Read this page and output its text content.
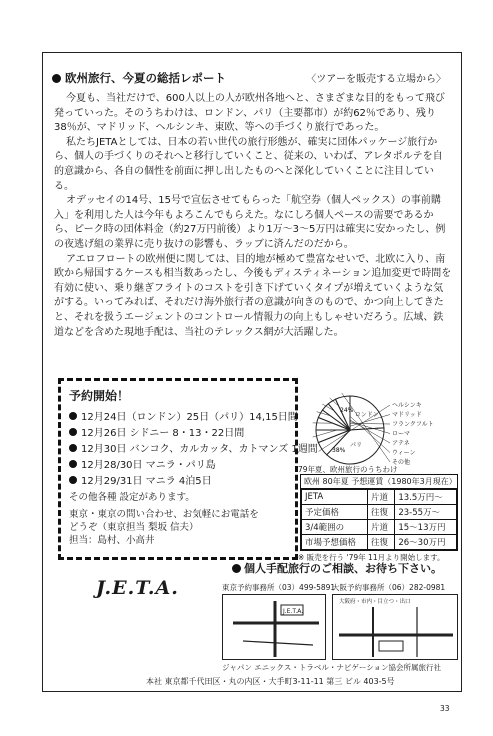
欧州旅行、今夏の総括レポート	〈ツアーを販売する立場から〉

今夏も、当社だけで、600人以上の人が欧州各地へと、さまざまな目的をもって飛び発っていった。そのうちわけは、ロンドン、パリ（主要都市）が約62％であり、残り38％が、マドリッド、ヘルシンキ、東欧、等への手づくり旅行であった。

私たちJETAとしては、日本の若い世代の旅行形態が、確実に団体パッケージ旅行から、個人の手づくりのそれへと移行していくこと、従来の、いわば、アレタポルテを自的意識から、各自の個性を前面に押し出したものへと深化していくことに注目している。

オデッセイの14号、15号で宣伝させてもらった「航空券（個人ペックス）の事前購入」を利用した人は今年もよろこんでもらえた。なにしろ個人ペースの需要であるから、ピーク時の団体料金（約27万円前後）より1万〜3〜5万円は確実に安かったし、例の夜逃げ組の業界に売り抜けの影響も、ラッブに済んだのだから。

アエロフロートの欧州便に関しては、目的地が極めて豊富なせいで、北欧に入り、南欧から帰国するケースも相当数あったし、今後もディスティネーション追加変更で時間を有効に使い、乗り継ぎフライトのコストを引き下げていくタイプが増えていくような気がする。いってみれば、それだけ海外旅行者の意識が向きのもので、かつ向上してきたと、それを扱うエージェントのコントロール情報力の向上もしゃせいだろう。広域、鉄道などを含めた現地手配は、当社のテレックス網が大活躍した。

予約開始！
12月24日（ロンドン）25日（パリ）14,15日間
12月26日 シドニー 8・13・22日間
12月30日 バンコク、カルカッタ、カトマンズ 1週間
12月28/30日 マニラ・パリ島
12月29/31日 マニラ 4泊5日
その他各種 設定があります。
東京・東京の問い合わせ、お気軽にお電話を
どうぞ（東京担当 梨坂 信夫）
担当：島村、小高井
ロンドン
パリ
ヘルシンキ
マドリッド
フランクフルト
ローマ
アテネ
ウィーン
その他
38%
24%
79年夏、欧州旅行のうちわけ
欧州 80年夏 予想運賃（1980年3月現在）
JETA	片道	13.5万円〜
予定価格	往復	23-55万〜
3/4範囲の	片道	15〜13万円
市場予想価格	往復	26〜30万円
※ 販売を行う '79年 11月より開始します。
個人手配旅行のご相談、お待ち下さい。
J.E.T.A.	東京予約事務所（03）499-5891
大阪予約事務所（06）282-0981
J.E.T.A.
大阪府・市内・目立つ・出口
ジャパン エニックス・トラベル・ナビゲーション協会所属旅行社
本社 東京都千代田区・丸の内区・大手町3-11-11 第三 ビル 403-5号
33
